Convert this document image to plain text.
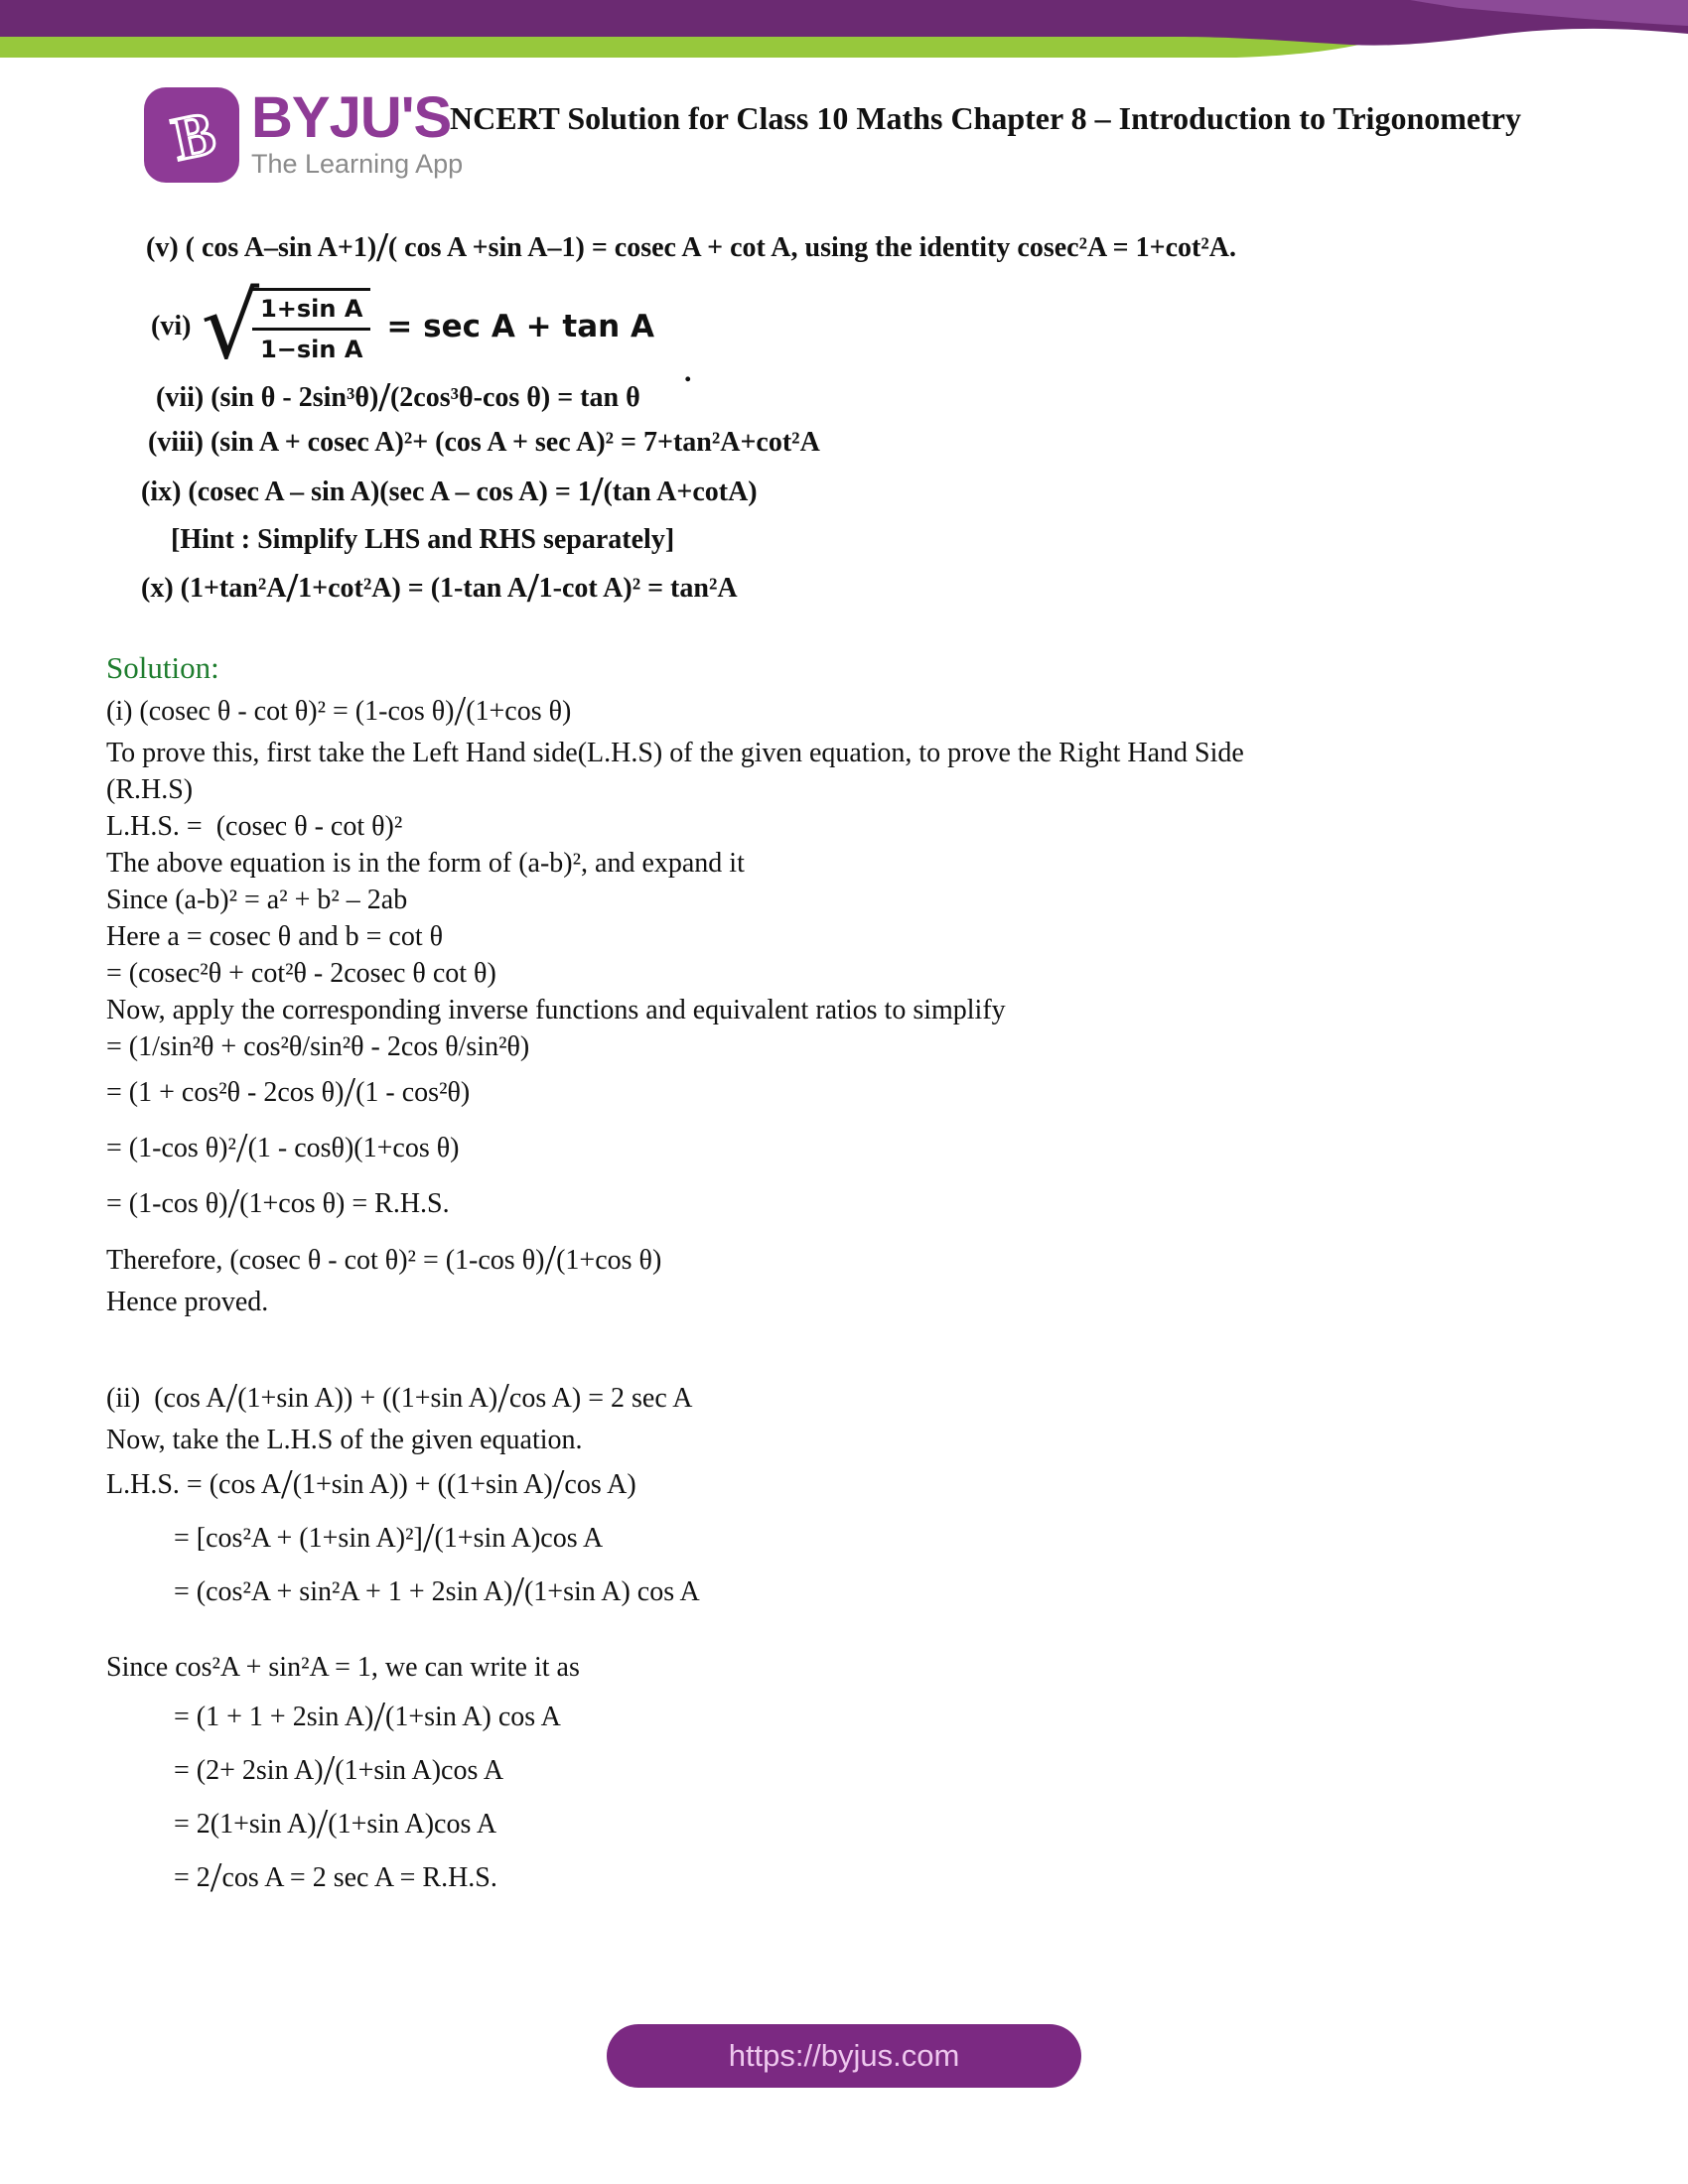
B BYJU'S
The Learning App
NCERT Solution for Class 10 Maths Chapter 8 – Introduction to Trigonometry

(v) ( cos A–sin A+1)/( cos A +sin A–1) = cosec A + cot A, using the identity cosec²A = 1+cot²A.

(vi) √
$\frac{\text{1+sin A}}{\text{1−sin A}} = \sec A + \tan A$
.

(vii) (sin θ - 2sin³θ)/(2cos³θ-cos θ) = tan θ

(viii) (sin A + cosec A)²+ (cos A + sec A)² = 7+tan²A+cot²A

(ix) (cosec A – sin A)(sec A – cos A) = 1/(tan A+cotA)

[Hint : Simplify LHS and RHS separately]

(x) (1+tan²A/1+cot²A) = (1-tan A/1-cot A)² = tan²A

Solution:

(i) (cosec θ - cot θ)² = (1-cos θ)/(1+cos θ)

To prove this, first take the Left Hand side(L.H.S) of the given equation, to prove the Right Hand Side

(R.H.S)

L.H.S. =  (cosec θ - cot θ)²

The above equation is in the form of (a-b)², and expand it

Since (a-b)² = a² + b² – 2ab

Here a = cosec θ and b = cot θ

= (cosec²θ + cot²θ - 2cosec θ cot θ)

Now, apply the corresponding inverse functions and equivalent ratios to simplify

= (1/sin²θ + cos²θ/sin²θ - 2cos θ/sin²θ)

= (1 + cos²θ - 2cos θ)/(1 - cos²θ)

= (1-cos θ)²/(1 - cosθ)(1+cos θ)

= (1-cos θ)/(1+cos θ) = R.H.S.

Therefore, (cosec θ - cot θ)² = (1-cos θ)/(1+cos θ)

Hence proved.

(ii)  (cos A/(1+sin A)) + ((1+sin A)/cos A) = 2 sec A

Now, take the L.H.S of the given equation.

L.H.S. = (cos A/(1+sin A)) + ((1+sin A)/cos A)

= [cos²A + (1+sin A)²]/(1+sin A)cos A

= (cos²A + sin²A + 1 + 2sin A)/(1+sin A) cos A

Since cos²A + sin²A = 1, we can write it as

= (1 + 1 + 2sin A)/(1+sin A) cos A

= (2+ 2sin A)/(1+sin A)cos A

= 2(1+sin A)/(1+sin A)cos A

= 2/cos A = 2 sec A = R.H.S.

https://byjus.com
